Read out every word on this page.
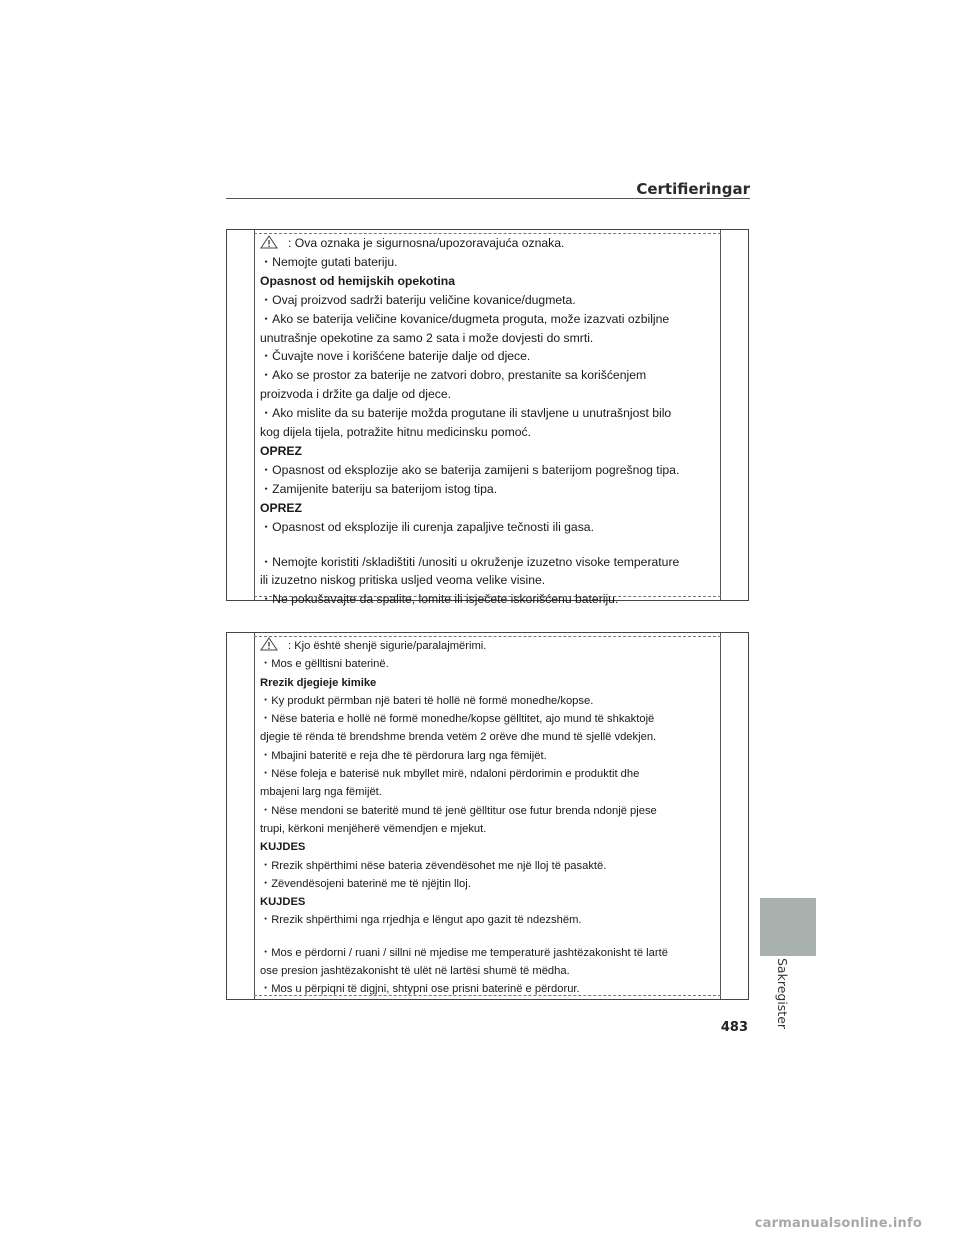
Certifieringar
: Ova oznaka je sigurnosna/upozoravajuća oznaka.
・Nemojte gutati bateriju.
Opasnost od hemijskih opekotina
・Ovaj proizvod sadrži bateriju veličine kovanice/dugmeta.
・Ako se baterija veličine kovanice/dugmeta proguta, može izazvati ozbiljne
unutrašnje opekotine za samo 2 sata i može dovjesti do smrti.
・Čuvajte nove i korišćene baterije dalje od djece.
・Ako se prostor za baterije ne zatvori dobro, prestanite sa korišćenjem
proizvoda i držite ga dalje od djece.
・Ako mislite da su baterije možda progutane ili stavljene u unutrašnjost bilo
kog dijela tijela, potražite hitnu medicinsku pomoć.
OPREZ
・Opasnost od eksplozije ako se baterija zamijeni s baterijom pogrešnog tipa.
・Zamijenite bateriju sa baterijom istog tipa.
OPREZ
・Opasnost od eksplozije ili curenja zapaljive tečnosti ili gasa.
・Nemojte koristiti /skladištiti /unositi u okruženje izuzetno visoke temperature
ili izuzetno niskog pritiska usljed veoma velike visine.
・Ne pokušavajte da spalite, lomite ili isječete iskorišćenu bateriju.
: Kjo është shenjë sigurie/paralajmërimi.
・Mos e gëlltisni baterinë.
Rrezik djegieje kimike
・Ky produkt përmban një bateri të hollë në formë monedhe/kopse.
・Nëse bateria e hollë në formë monedhe/kopse gëlltitet, ajo mund të shkaktojë
djegie të rënda të brendshme brenda vetëm 2 orëve dhe mund të sjellë vdekjen.
・Mbajini bateritë e reja dhe të përdorura larg nga fëmijët.
・Nëse foleja e baterisë nuk mbyllet mirë, ndaloni përdorimin e produktit dhe
mbajeni larg nga fëmijët.
・Nëse mendoni se bateritë mund të jenë gëlltitur ose futur brenda ndonjë pjese
trupi, kërkoni menjëherë vëmendjen e mjekut.
KUJDES
・Rrezik shpërthimi nëse bateria zëvendësohet me një lloj të pasaktë.
・Zëvendësojeni baterinë me të njëjtin lloj.
KUJDES
・Rrezik shpërthimi nga rrjedhja e lëngut apo gazit të ndezshëm.
・Mos e përdorni / ruani / sillni në mjedise me temperaturë jashtëzakonisht të lartë
ose presion jashtëzakonisht të ulët në lartësi shumë të mëdha.
・Mos u përpiqni të digjni, shtypni ose prisni baterinë e përdorur.	Sakregister
483
carmanualsonline.info
